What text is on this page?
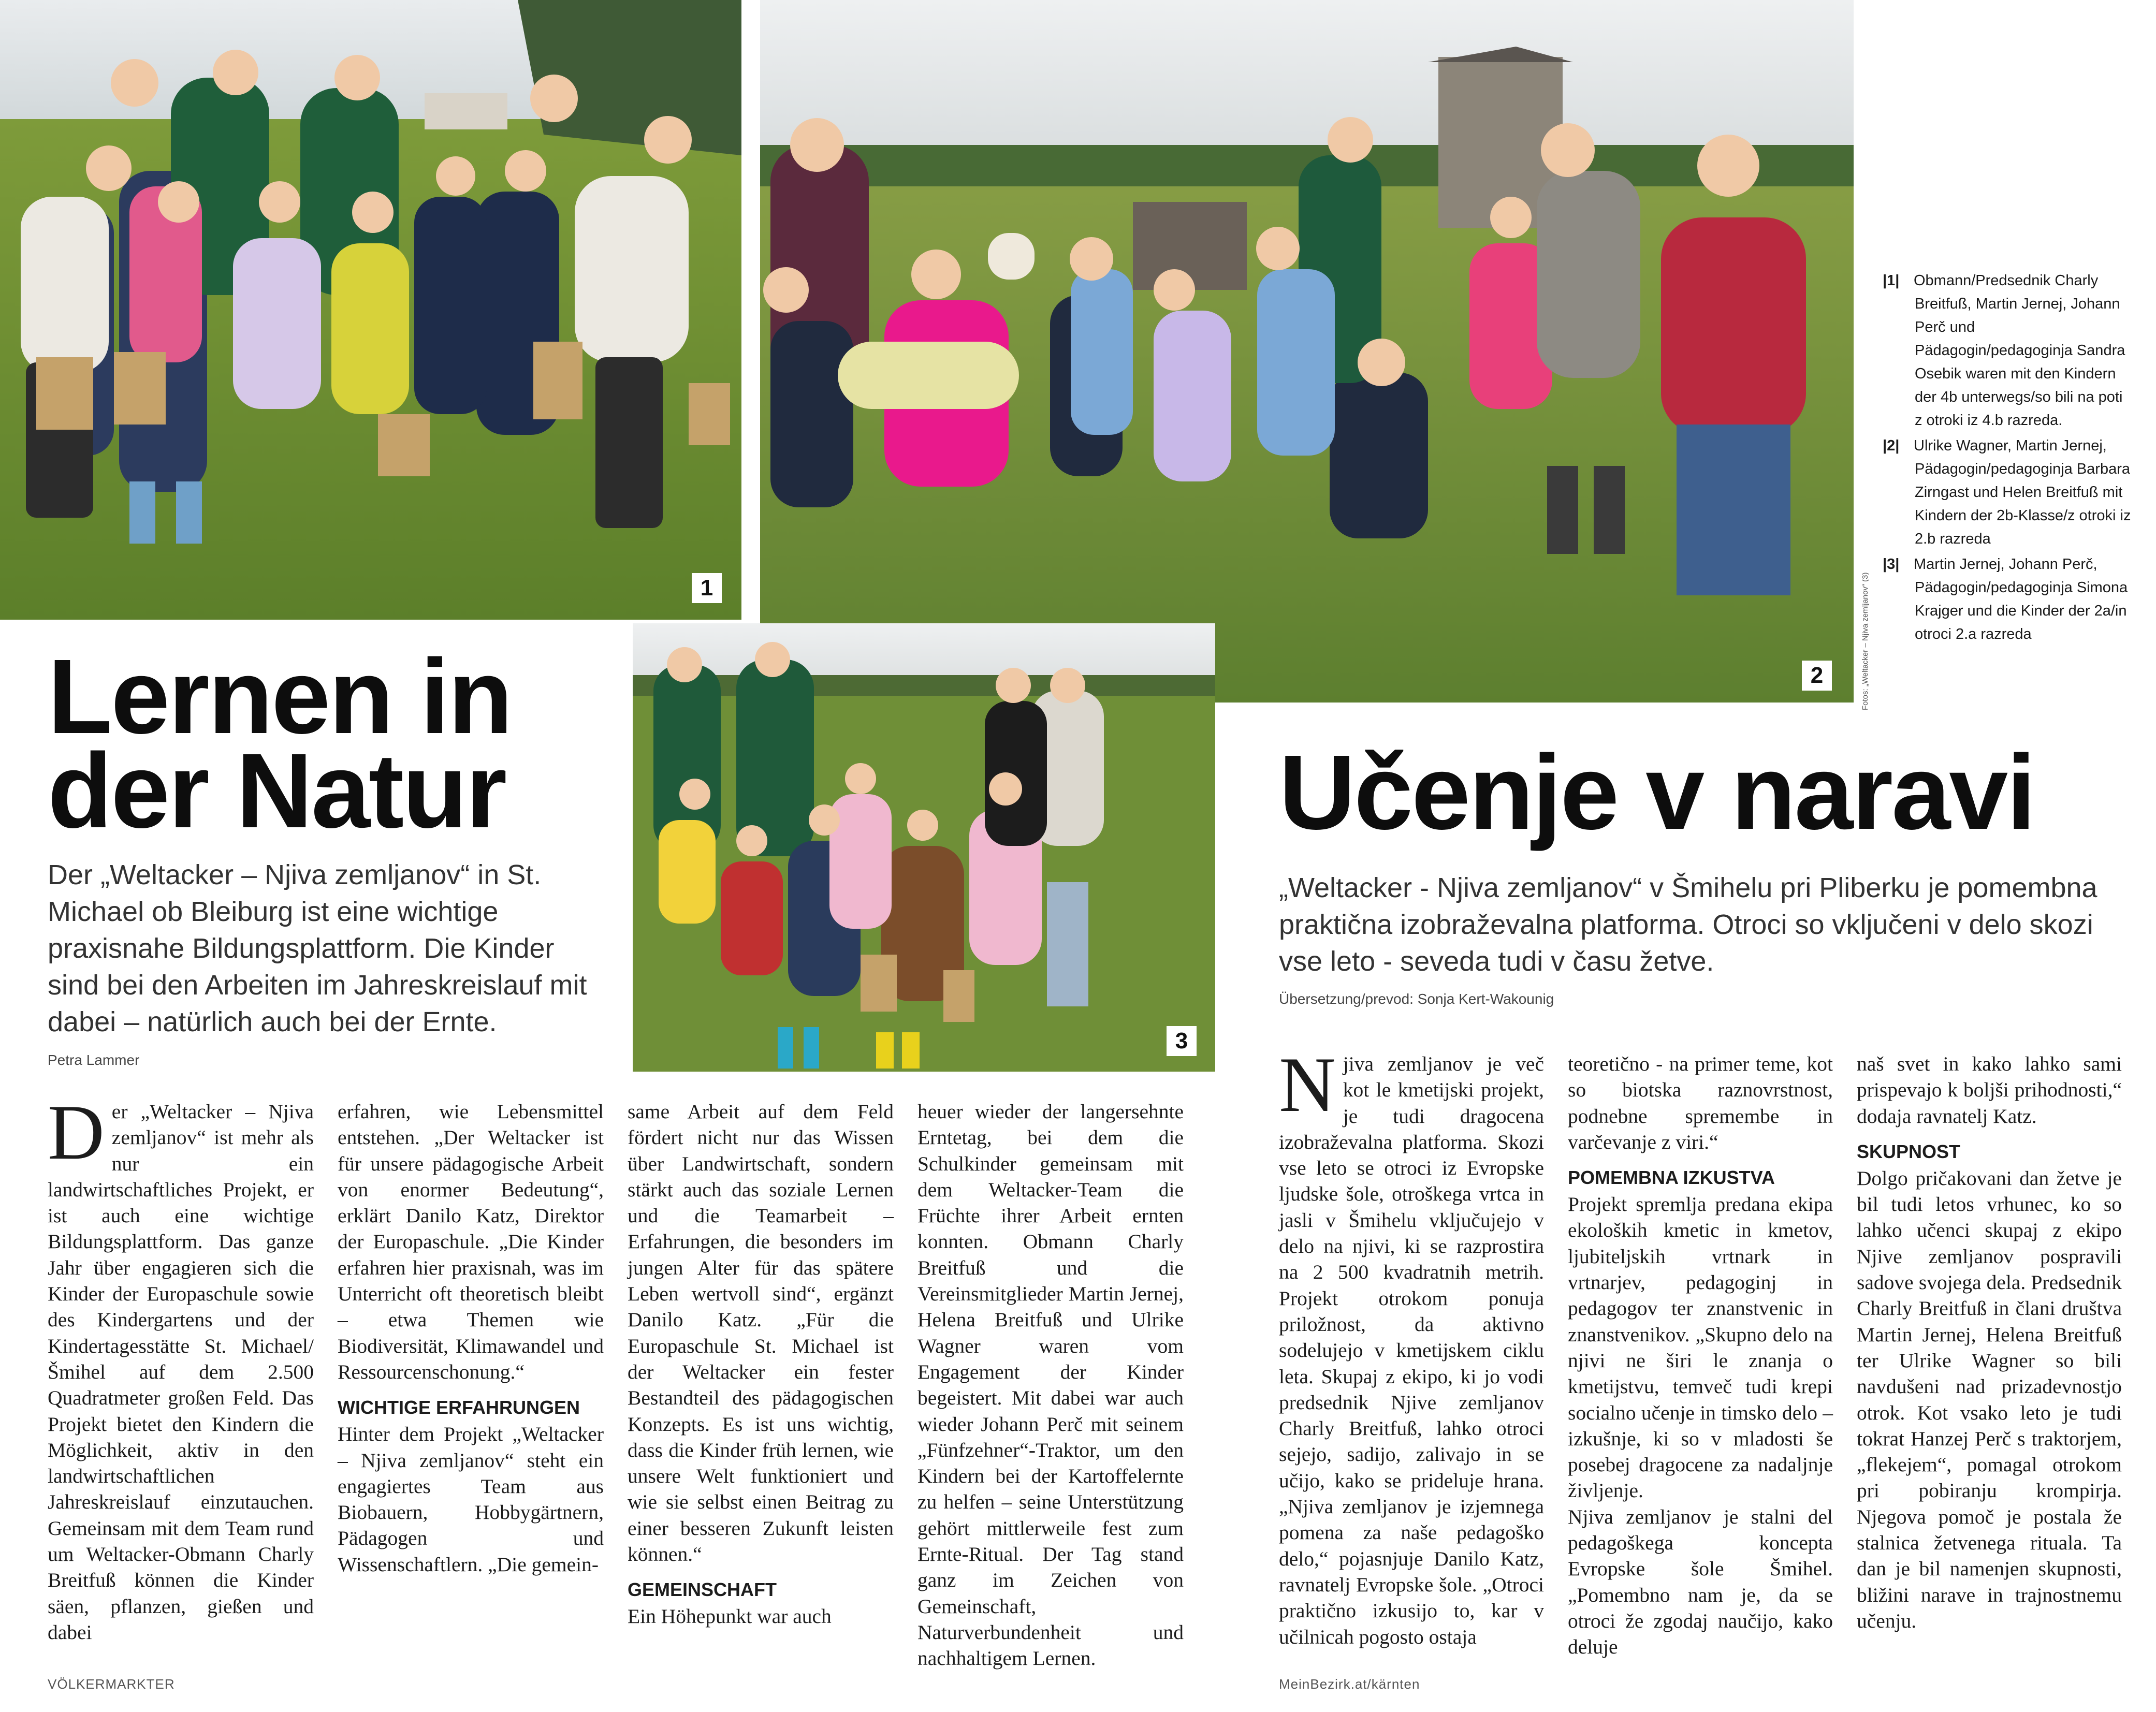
1
2	Fotos: „Weltacker – Njiva zemljanov“ (3)
3

|1| Obmann/Predsednik Charly Breitfuß, Martin Jernej, Johann Perč und Pädagogin/pedagoginja Sandra Osebik waren mit den Kindern der 4b unterwegs/so bili na poti z otroki iz 4.b razreda.

|2| Ulrike Wagner, Martin Jernej, Pädagogin/pedagoginja Barbara Zirngast und Helen Breitfuß mit Kindern der 2b-Klasse/z otroki iz 2.b razreda

|3| Martin Jernej, Johann Perč, Pädagogin/pedagoginja Simona Krajger und die Kinder der 2a/in otroci 2.a razreda

Lernen in
der Natur

Der „Weltacker – Njiva zemljanov“ in St. Michael ob Bleiburg ist eine wichtige praxisnahe Bildungsplattform. Die Kinder sind bei den Arbeiten im Jahreskreislauf mit dabei – natürlich auch bei der Ernte.

Petra Lammer

Der „Weltacker – Njiva zemljanov“ ist mehr als nur ein landwirtschaftliches Projekt, er ist auch eine wichtige Bildungsplattform. Das ganze Jahr über engagieren sich die Kinder der Europaschule sowie des Kindergartens und der Kindertagesstätte St. Michael/Šmihel auf dem 2.500 Quadratmeter großen Feld. Das Projekt bietet den Kindern die Möglichkeit, aktiv in den landwirtschaftlichen Jahreskreislauf einzutauchen. Gemeinsam mit dem Team rund um Weltacker-Obmann Charly Breitfuß können die Kinder säen, pflanzen, gießen und dabei

erfahren, wie Lebensmittel entstehen. „Der Weltacker ist für unsere pädagogische Arbeit von enormer Bedeutung“, erklärt Danilo Katz, Direktor der Europaschule. „Die Kinder erfahren hier praxisnah, was im Unterricht oft theoretisch bleibt – etwa Themen wie Biodiversität, Klimawandel und Ressourcenschonung.“

WICHTIGE ERFAHRUNGEN

Hinter dem Projekt „Weltacker – Njiva zemljanov“ steht ein engagiertes Team aus Biobauern, Hobbygärtnern, Pädagogen und Wissenschaftlern. „Die gemein-

same Arbeit auf dem Feld fördert nicht nur das Wissen über Landwirtschaft, sondern stärkt auch das soziale Lernen und die Teamarbeit – Erfahrungen, die besonders im jungen Alter für das spätere Leben wertvoll sind“, ergänzt Danilo Katz. „Für die Europaschule St. Michael ist der Weltacker ein fester Bestandteil des pädagogischen Konzepts. Es ist uns wichtig, dass die Kinder früh lernen, wie unsere Welt funktioniert und wie sie selbst einen Beitrag zu einer besseren Zukunft leisten können.“

GEMEINSCHAFT

Ein Höhepunkt war auch

heuer wieder der langersehnte Erntetag, bei dem die Schulkinder gemeinsam mit dem Weltacker-Team die Früchte ihrer Arbeit ernten konnten. Obmann Charly Breitfuß und die Vereinsmitglieder Martin Jernej, Helena Breitfuß und Ulrike Wagner waren vom Engagement der Kinder begeistert. Mit dabei war auch wieder Johann Perč mit seinem „Fünfzehner“-Traktor, um den Kindern bei der Kartoffelernte zu helfen – seine Unterstützung gehört mittlerweile fest zum Ernte-Ritual. Der Tag stand ganz im Zeichen von Gemeinschaft, Naturverbundenheit und nachhaltigem Lernen.

Učenje v naravi

„Weltacker - Njiva zemljanov“ v Šmihelu pri Pliberku je pomembna praktična izobraževalna platforma. Otroci so vključeni v delo skozi vse leto - seveda tudi v času žetve.

Übersetzung/prevod: Sonja Kert-Wakounig

Njiva zemljanov je več kot le kmetijski projekt, je tudi dragocena izobraževalna platforma. Skozi vse leto se otroci iz Evropske ljudske šole, otroškega vrtca in jasli v Šmihelu vključujejo v delo na njivi, ki se razprostira na 2 500 kvadratnih metrih. Projekt otrokom ponuja priložnost, da aktivno sodelujejo v kmetijskem ciklu leta. Skupaj z ekipo, ki jo vodi predsednik Njive zemljanov Charly Breitfuß, lahko otroci sejejo, sadijo, zalivajo in se učijo, kako se prideluje hrana. „Njiva zemljanov je izjemnega pomena za naše pedagoško delo,“ pojasnjuje Danilo Katz, ravnatelj Evropske šole. „Otroci praktično izkusijo to, kar v učilnicah pogosto ostaja

teoretično - na primer teme, kot so biotska raznovrstnost, podnebne spremembe in varčevanje z viri.“

POMEMBNA IZKUSTVA

Projekt spremlja predana ekipa ekoloških kmetic in kmetov, ljubiteljskih vrtnark in vrtnarjev, pedagoginj in pedagogov ter znanstvenic in znanstvenikov. „Skupno delo na njivi ne širi le znanja o kmetijstvu, temveč tudi krepi socialno učenje in timsko delo – izkušnje, ki so v mladosti še posebej dragocene za nadaljnje življenje.

Njiva zemljanov je stalni del pedagoškega koncepta Evropske šole Šmihel. „Pomembno nam je, da se otroci že zgodaj naučijo, kako deluje

naš svet in kako lahko sami prispevajo k boljši prihodnosti,“ dodaja ravnatelj Katz.

SKUPNOST

Dolgo pričakovani dan žetve je bil tudi letos vrhunec, ko so lahko učenci skupaj z ekipo Njive zemljanov pospravili sadove svojega dela. Predsednik Charly Breitfuß in člani društva Martin Jernej, Helena Breitfuß ter Ulrike Wagner so bili navdušeni nad prizadevnostjo otrok. Kot vsako leto je tudi tokrat Hanzej Perč s traktorjem, „flekejem“, pomagal otrokom pri pobiranju krompirja. Njegova pomoč je postala že stalnica žetvenega rituala. Ta dan je bil namenjen skupnosti, bližini narave in trajnostnemu učenju.

VÖLKERMARKTER	MeinBezirk.at/kärnten
